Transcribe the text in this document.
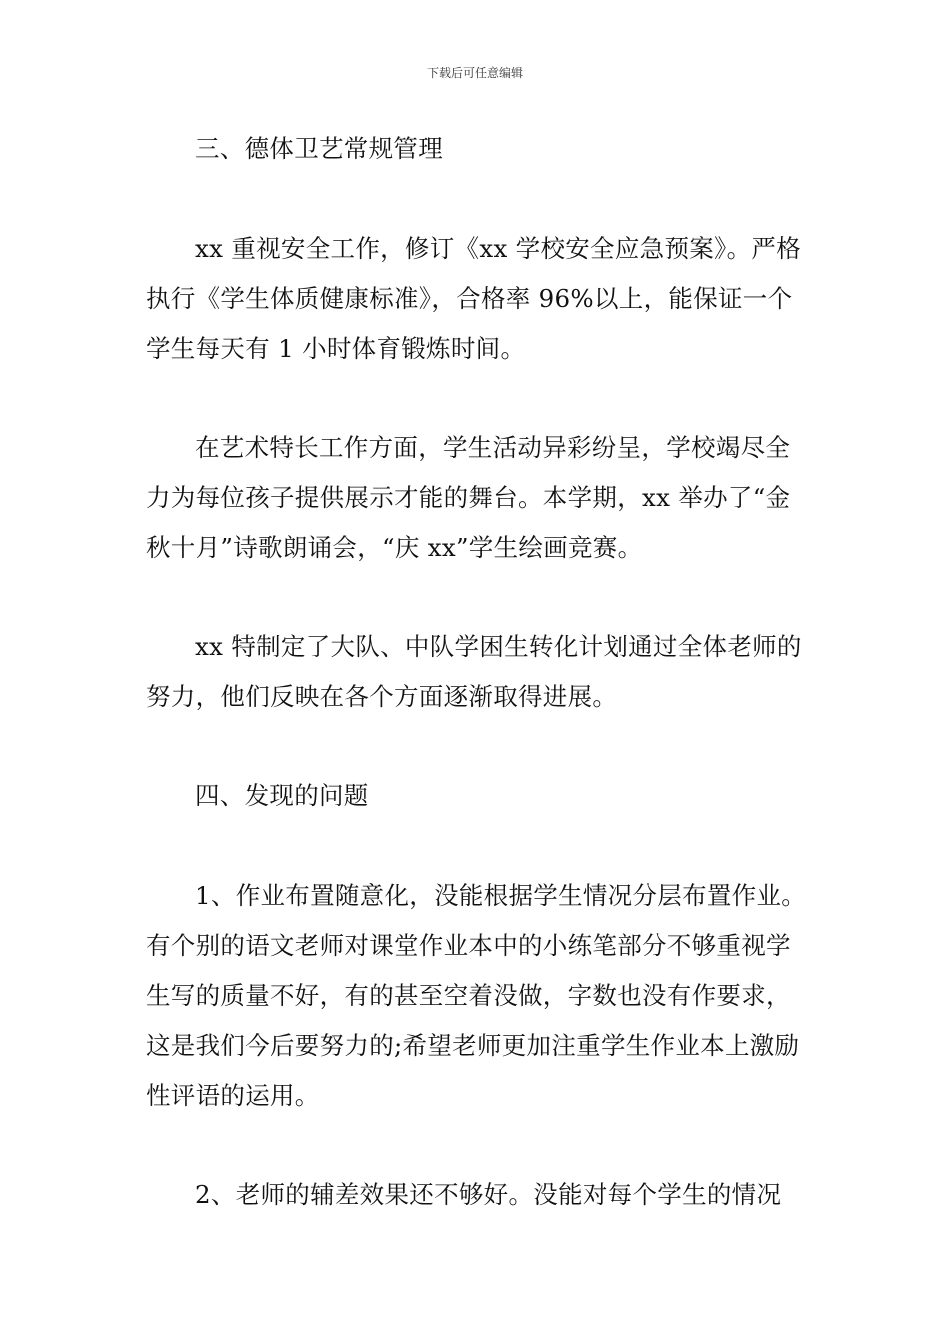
下载后可任意编辑

三、德体卫艺常规管理

xx 重视安全工作，修订《xx 学校安全应急预案》。严格执行《学生体质健康标准》，合格率 96%以上，能保证一个学生每天有 1 小时体育锻炼时间。

在艺术特长工作方面，学生活动异彩纷呈，学校竭尽全力为每位孩子提供展示才能的舞台。本学期，xx 举办了“金秋十月”诗歌朗诵会，“庆 xx”学生绘画竞赛。

xx 特制定了大队、中队学困生转化计划通过全体老师的努力，他们反映在各个方面逐渐取得进展。

四、发现的问题

1、作业布置随意化，没能根据学生情况分层布置作业。有个别的语文老师对课堂作业本中的小练笔部分不够重视学生写的质量不好，有的甚至空着没做，字数也没有作要求，这是我们今后要努力的;希望老师更加注重学生作业本上激励性评语的运用。

2、老师的辅差效果还不够好。没能对每个学生的情况
